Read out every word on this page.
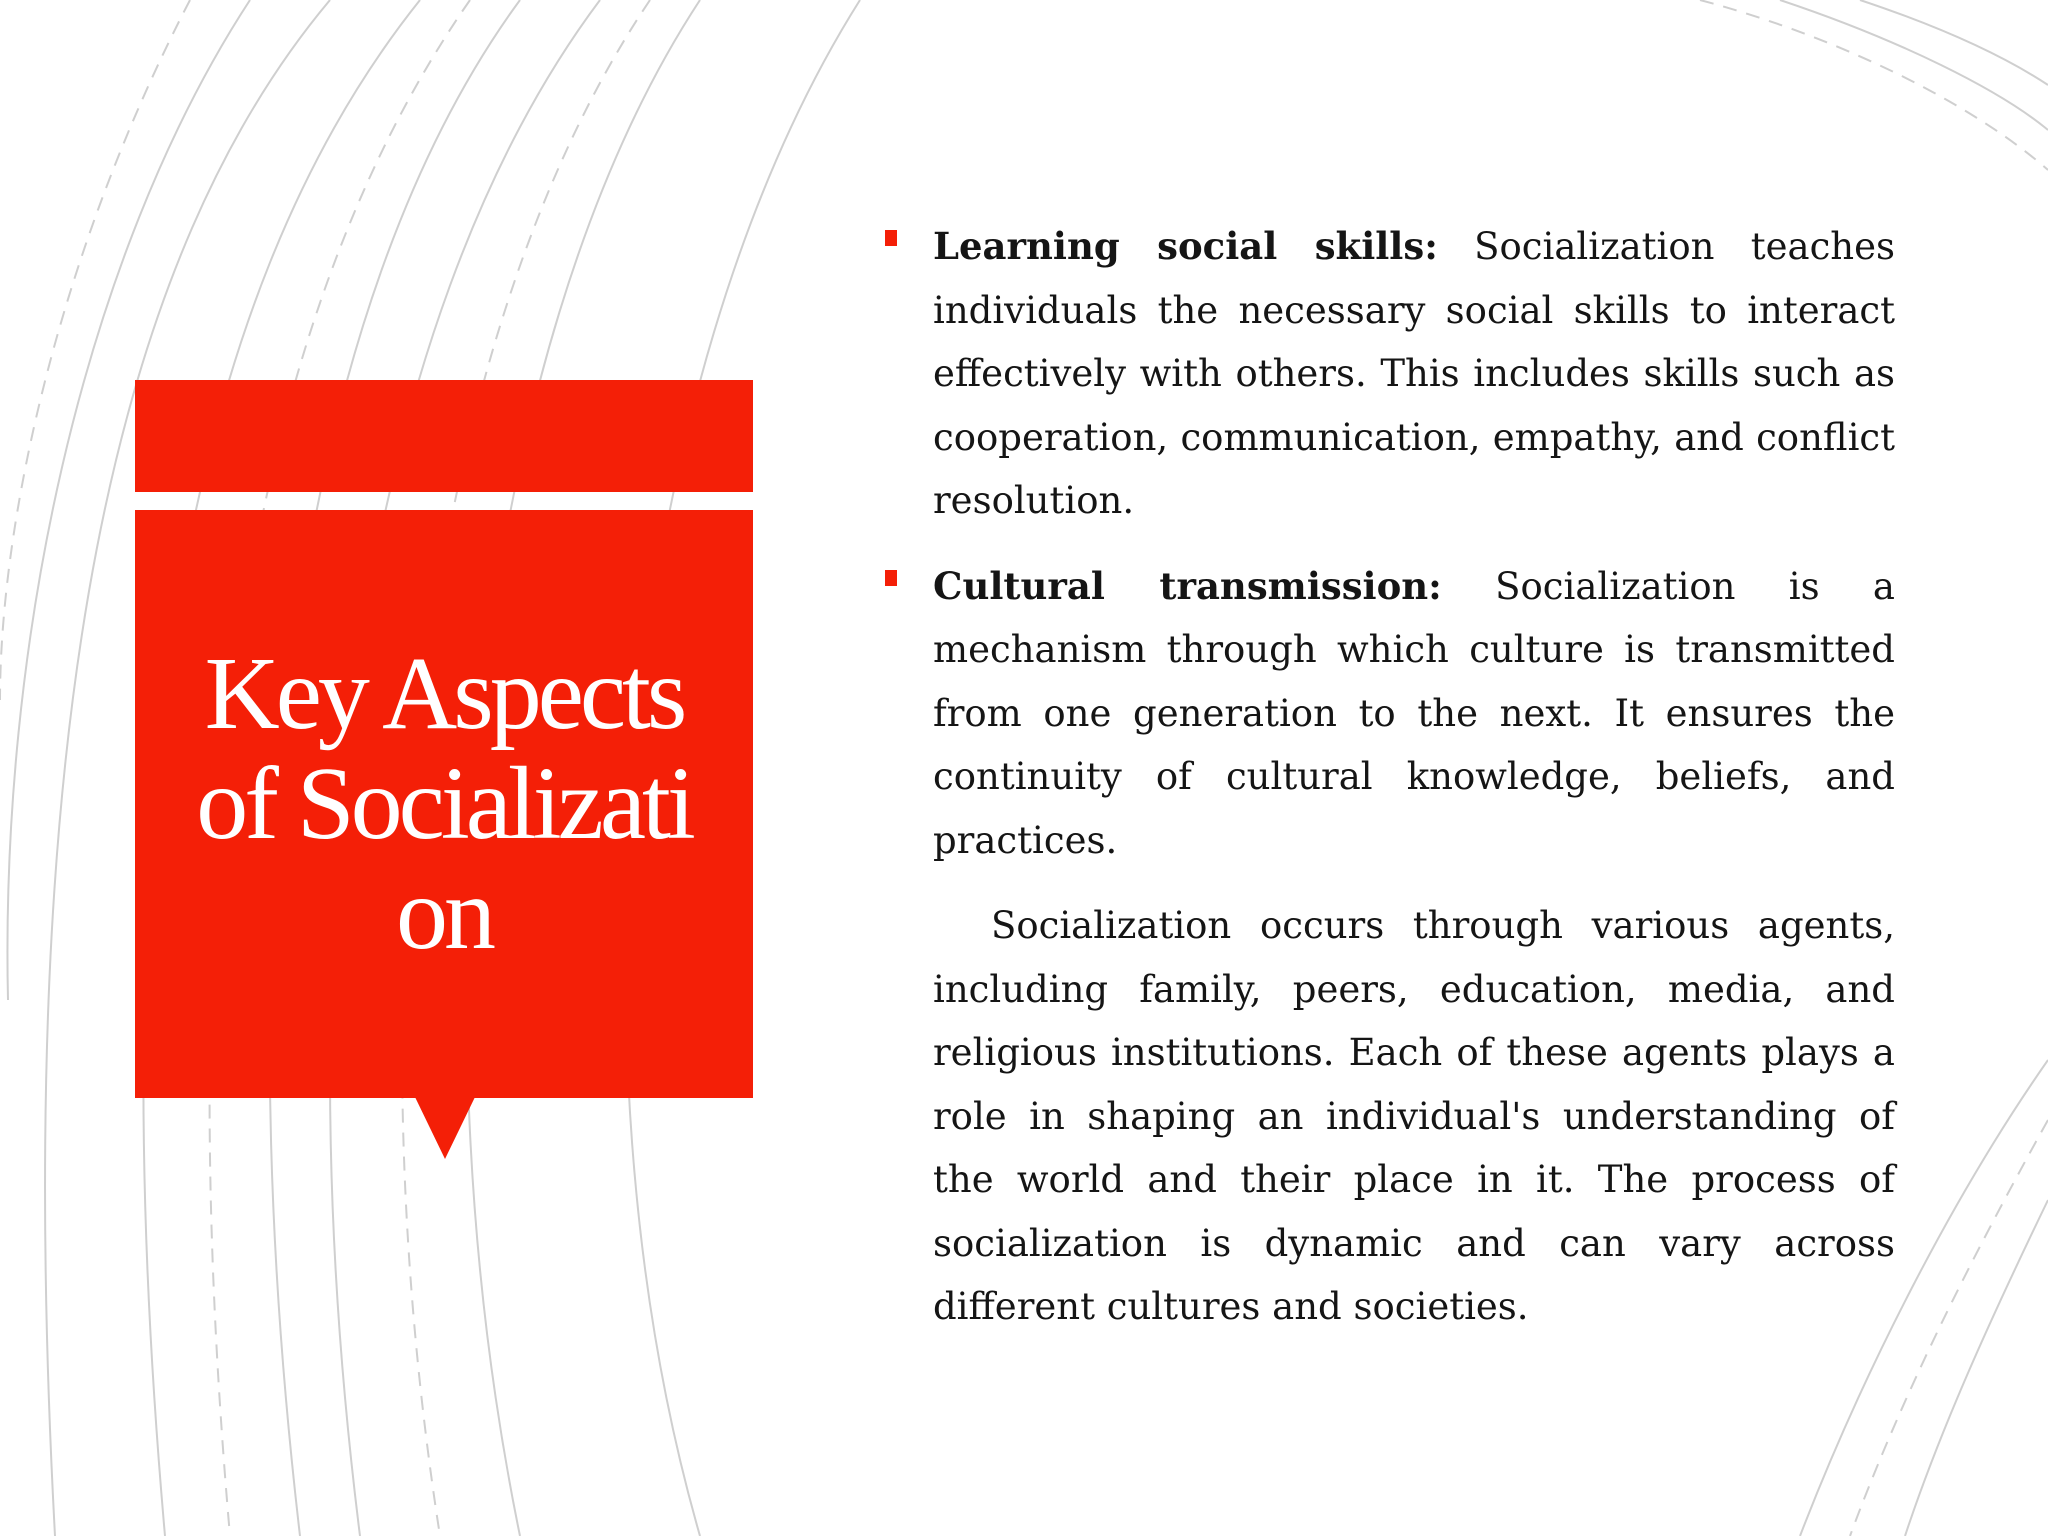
Key Aspects of Socialization
Learning social skills: Socialization teaches individuals the necessary social skills to interact effectively with others. This includes skills such as cooperation, communication, empathy, and conflict resolution.
Cultural transmission: Socialization is a mechanism through which culture is transmitted from one generation to the next. It ensures the continuity of cultural knowledge, beliefs, and practices.

Socialization occurs through various agents, including family, peers, education, media, and religious institutions. Each of these agents plays a role in shaping an individual's understanding of the world and their place in it. The process of socialization is dynamic and can vary across different cultures and societies.
